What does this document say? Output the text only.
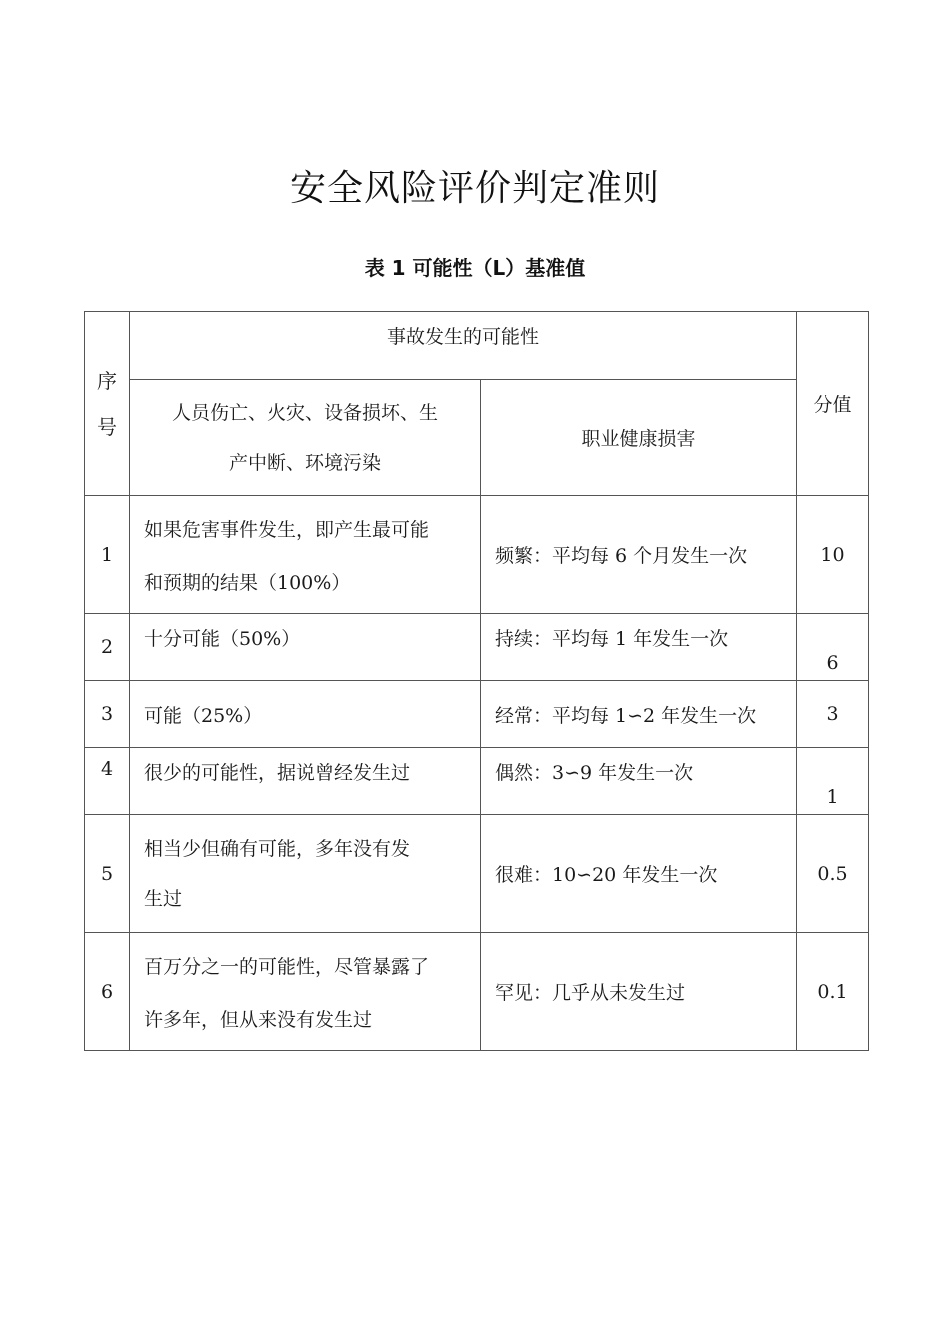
安全风险评价判定准则
表 1 可能性（L）基准值
序
号	事故发生的可能性		分值

	人员伤亡、火灾、设备损坏、生
产中断、环境污染	职业健康损害	
1	如果危害事件发生，即产生最可能

和预期的结果（100%）	频繁：平均每 6 个月发生一次	10
2	十分可能（50%）	持续：平均每 1 年发生一次	6
3	可能（25%）	经常：平均每 1∽2 年发生一次	3
4	很少的可能性，据说曾经发生过	偶然：3∽9 年发生一次	1
5	相当少但确有可能，多年没有发
生过	很难：10∽20 年发生一次	0.5
6	百万分之一的可能性，尽管暴露了

许多年，但从来没有发生过	罕见：几乎从未发生过	0.1
